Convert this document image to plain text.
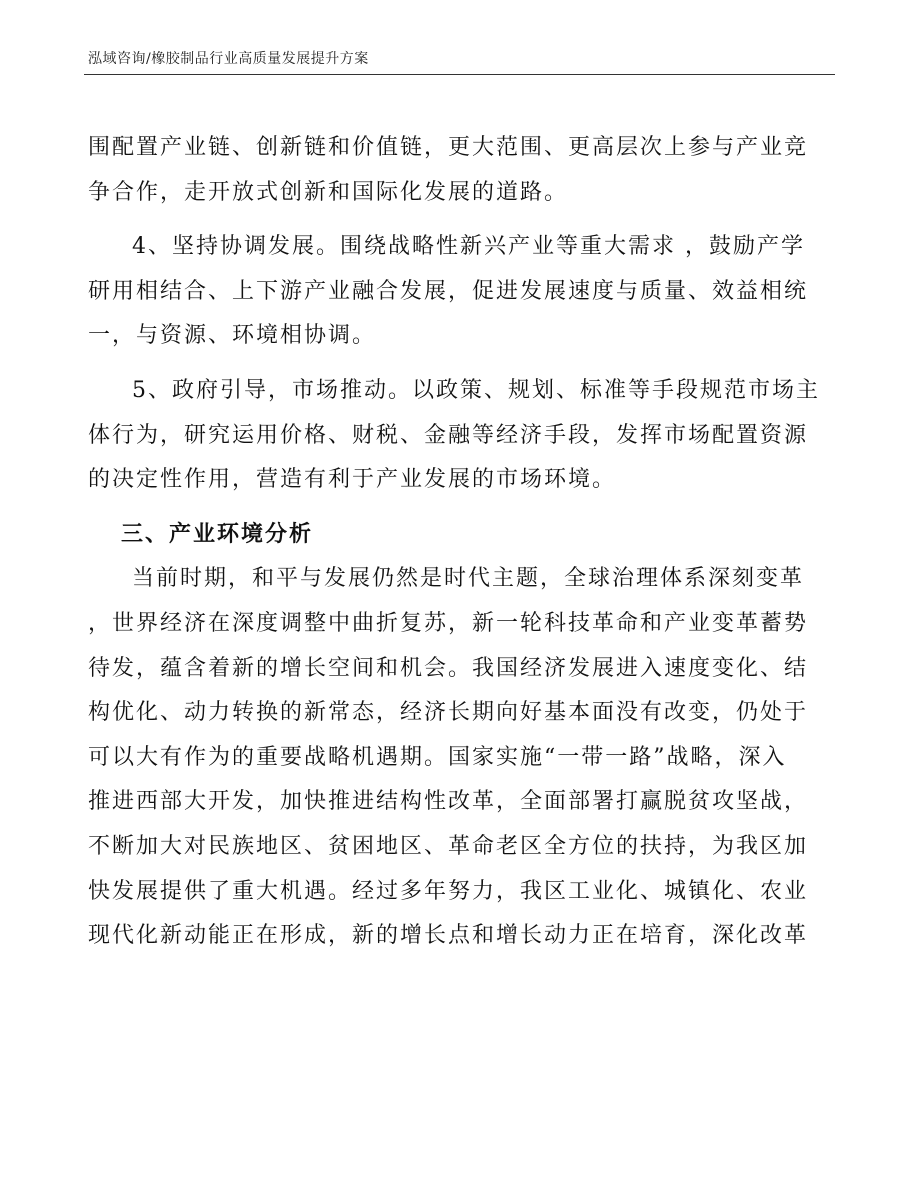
泓域咨询/橡胶制品行业高质量发展提升方案
围配置产业链、创新链和价值链，更大范围、更高层次上参与产业竞
争合作，走开放式创新和国际化发展的道路。
4、坚持协调发展。围绕战略性新兴产业等重大需求 ，鼓励产学
研用相结合、上下游产业融合发展，促进发展速度与质量、效益相统
一，与资源、环境相协调。
5、政府引导，市场推动。以政策、规划、标准等手段规范市场主
体行为，研究运用价格、财税、金融等经济手段，发挥市场配置资源
的决定性作用，营造有利于产业发展的市场环境。
三、产业环境分析
当前时期，和平与发展仍然是时代主题，全球治理体系深刻变革
，世界经济在深度调整中曲折复苏，新一轮科技革命和产业变革蓄势
待发，蕴含着新的增长空间和机会。我国经济发展进入速度变化、结
构优化、动力转换的新常态，经济长期向好基本面没有改变，仍处于
可以大有作为的重要战略机遇期。国家实施“一带一路”战略，深入
推进西部大开发，加快推进结构性改革，全面部署打赢脱贫攻坚战，
不断加大对民族地区、贫困地区、革命老区全方位的扶持，为我区加
快发展提供了重大机遇。经过多年努力，我区工业化、城镇化、农业
现代化新动能正在形成，新的增长点和增长动力正在培育，深化改革
